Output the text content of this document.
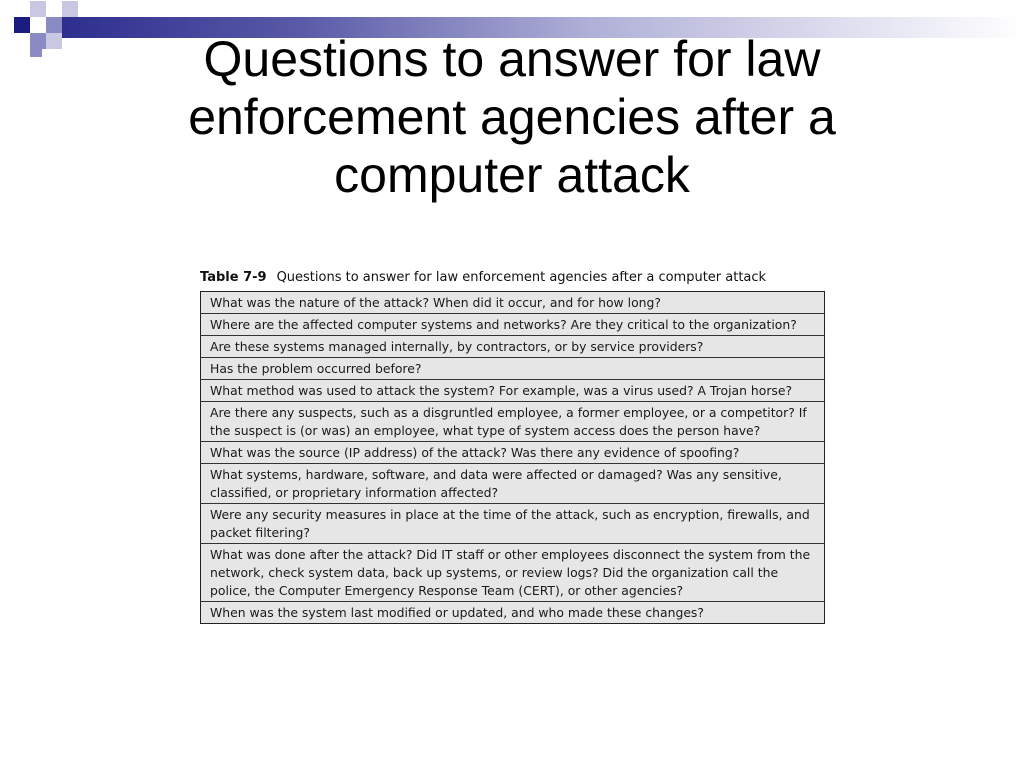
Questions to answer for law enforcement agencies after a computer attack
Table 7-9 Questions to answer for law enforcement agencies after a computer attack
What was the nature of the attack? When did it occur, and for how long?
Where are the affected computer systems and networks? Are they critical to the organization?
Are these systems managed internally, by contractors, or by service providers?
Has the problem occurred before?
What method was used to attack the system? For example, was a virus used? A Trojan horse?
Are there any suspects, such as a disgruntled employee, a former employee, or a competitor? If the suspect is (or was) an employee, what type of system access does the person have?
What was the source (IP address) of the attack? Was there any evidence of spoofing?
What systems, hardware, software, and data were affected or damaged? Was any sensitive, classified, or proprietary information affected?
Were any security measures in place at the time of the attack, such as encryption, firewalls, and packet filtering?
What was done after the attack? Did IT staff or other employees disconnect the system from the network, check system data, back up systems, or review logs? Did the organization call the police, the Computer Emergency Response Team (CERT), or other agencies?
When was the system last modified or updated, and who made these changes?
